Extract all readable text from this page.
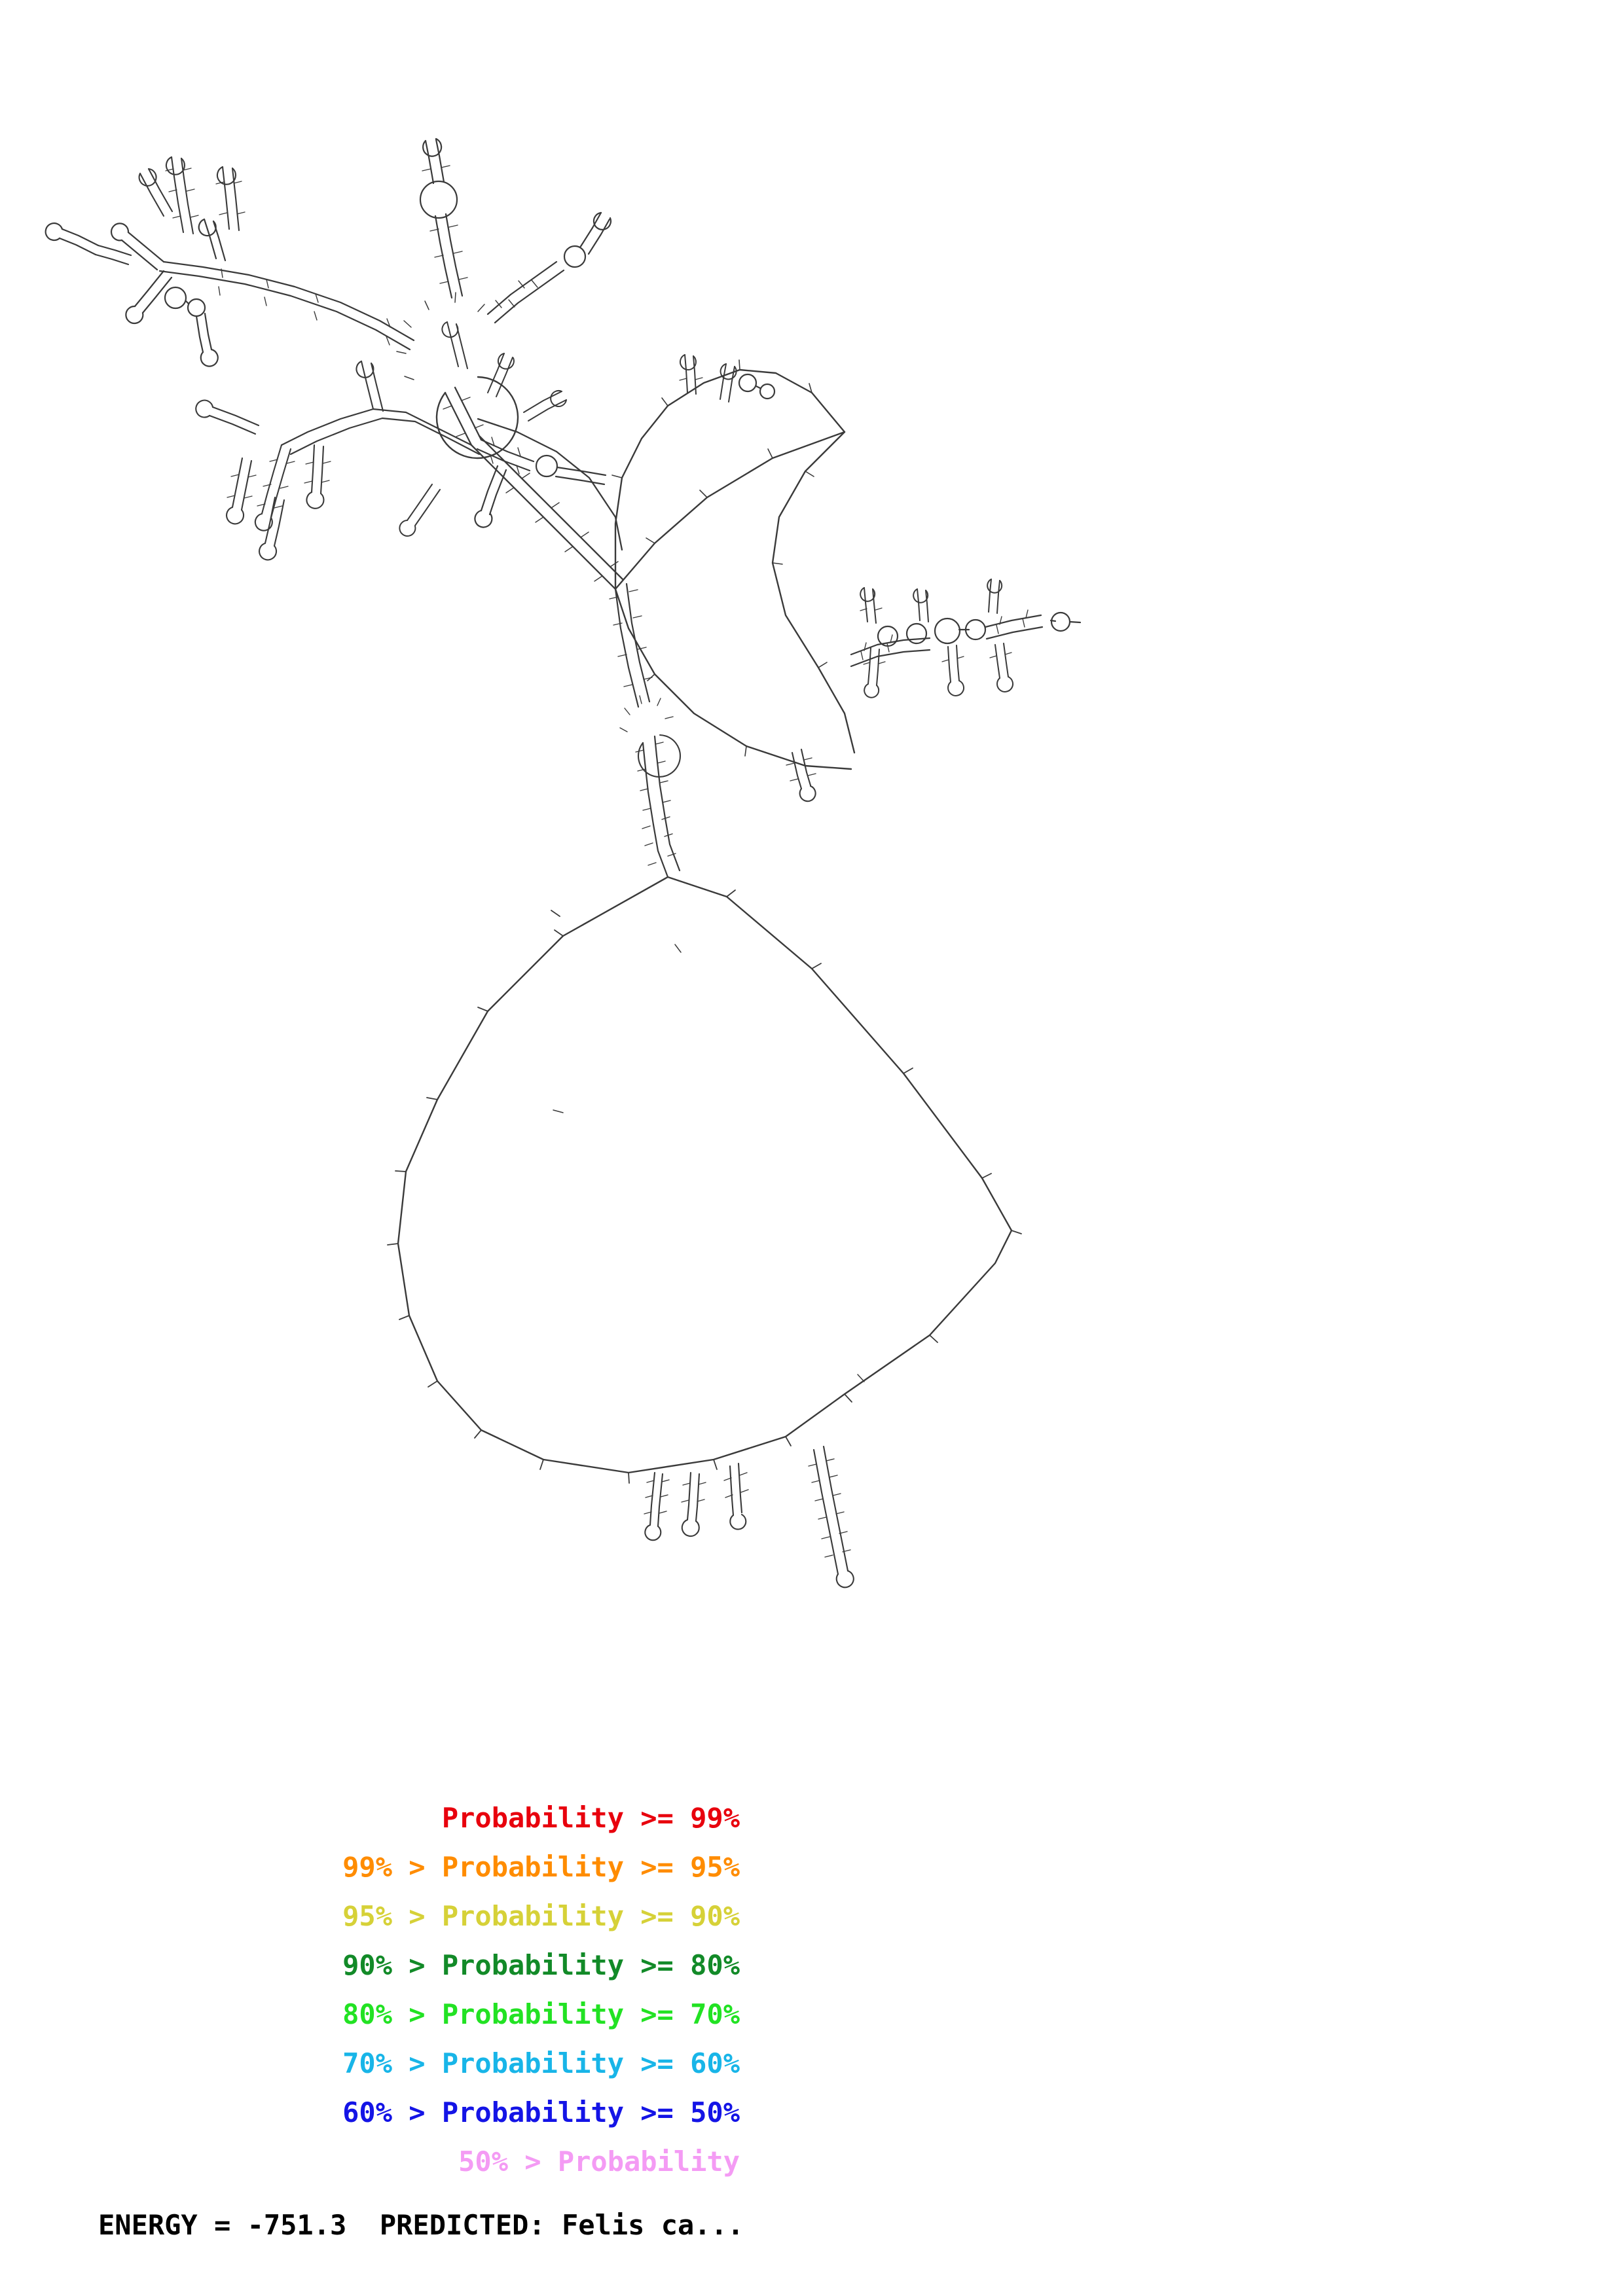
Probability >= 99%
99% > Probability >= 95%
95% > Probability >= 90%
90% > Probability >= 80%
80% > Probability >= 70%
70% > Probability >= 60%
60% > Probability >= 50%
50% > Probability
ENERGY = -751.3  PREDICTED: Felis ca...
